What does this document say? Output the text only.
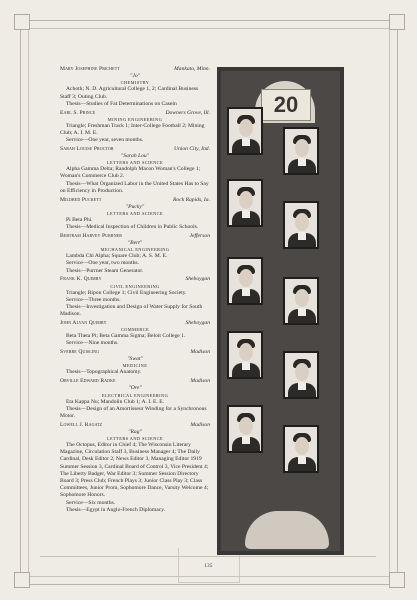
Mary Josephine Prichett	Mankato, Minn.
"Jo"
CHEMISTRY
Achoth; N. D. Agricultural College 1, 2; Cardinal Business Staff 3; Outing Club.
Thesis—Studies of Fat Determinations on Casein
Earl S. Prince	Downers Grove, Ill.
MINING ENGINEERING
Triangle; Freshman Track 1; Inter-College Football 2; Mining Club; A. I. M. E.
Service—One year, seven months.
Sarah Louise Proctor	Union City, Ind.
"Sarah Lou"
LETTERS AND SCIENCE
Alpha Gamma Delta; Randolph Macon Woman's College 1; Woman's Commerce Club 2.
Thesis—What Organized Labor in the United States Has to Say on Efficiency in Production.
Mildred Puckett	Rock Rapids, Ia.
"Pucky"
LETTERS AND SCIENCE
Pi Beta Phi.
Thesis—Medical Inspection of Children in Public Schools.
Bertram Harvey Purrner	Jefferson
"Bert"
MECHANICAL ENGINEERING
Lambda Chi Alpha; Square Club; A. S. M. E.
Service—One year, two months.
Thesis—Purrner Steam Generator.
Frank K. Quimby	Sheboygan
CIVIL ENGINEERING
Triangle; Ripon College 1; Civil Engineering Society.
Service—Three months.
Thesis—Investigation and Design of Water Supply for South Madison.
John Alvan Quimby	Sheboygan
COMMERCE
Beta Theta Pi; Beta Gamma Sigma; Beloit College 1.
Service—Nine months.
Sverre Quisling	Madison
"Swat"
MEDICINE
Thesis—Topographical Anatomy.
Orville Edward Radke	Madison
"Ore"
ELECTRICAL ENGINEERING
Eta Kappa Nu; Mandolin Club 1; A. I. E. E.
Thesis—Design of an Amortisseur Winding for a Synchronous Motor.
Lowell J. Ragatz	Madison
"Rag"
LETTERS AND SCIENCE
The Octopus, Editor in Chief 4; The Wisconsin Literary Magazine, Circulation Staff 3, Business Manager 4; The Daily Cardinal, Desk Editor 2, News Editor 3, Managing Editor 1919 Summer Session 3, Cardinal Board of Control 3, Vice President 4; The Liberty Badger, War Editor 3; Summer Session Directory Board 3; Press Club; French Plays 3; Junior Class Play 3; Class Committees, Junior Prom, Sophomore Dance, Varsity Welcome 4; Sophomore Honors.
Service—Six months.
Thesis—Egypt in Anglo-French Diplomacy.
20
135
